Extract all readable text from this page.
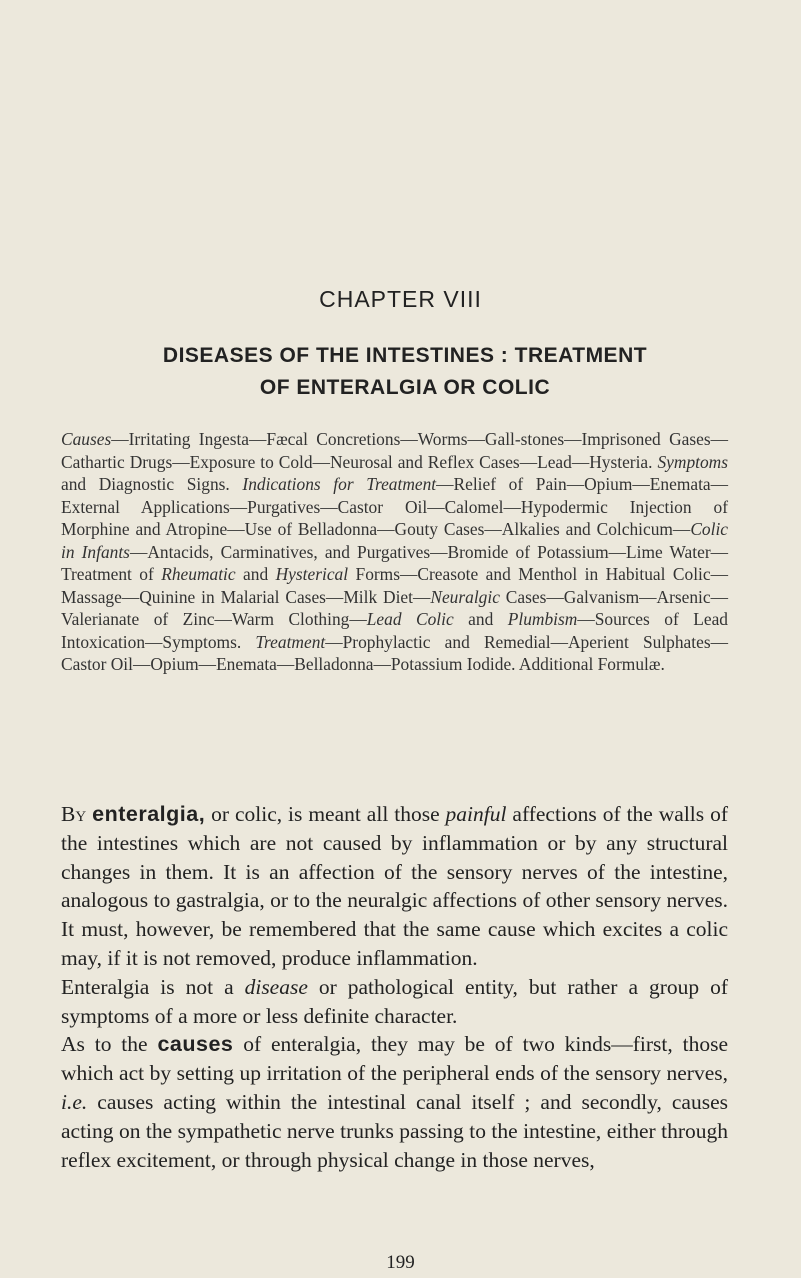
CHAPTER VIII
DISEASES OF THE INTESTINES : TREATMENT
OF ENTERALGIA OR COLIC
Causes—Irritating Ingesta—Fæcal Concretions—Worms—Gall-stones—Imprisoned Gases—Cathartic Drugs—Exposure to Cold—Neurosal and Reflex Cases—Lead—Hysteria. Symptoms and Diagnostic Signs. Indications for Treatment—Relief of Pain—Opium—Enemata—External Applications—Purgatives—Castor Oil—Calomel—Hypodermic Injection of Morphine and Atropine—Use of Belladonna—Gouty Cases—Alkalies and Colchicum—Colic in Infants—Antacids, Carminatives, and Purgatives—Bromide of Potassium—Lime Water—Treatment of Rheumatic and Hysterical Forms—Creasote and Menthol in Habitual Colic—Massage—Quinine in Malarial Cases—Milk Diet—Neuralgic Cases—Galvanism—Arsenic—Valerianate of Zinc—Warm Clothing—Lead Colic and Plumbism—Sources of Lead Intoxication—Symptoms. Treatment—Prophylactic and Remedial—Aperient Sulphates—Castor Oil—Opium—Enemata—Belladonna—Potassium Iodide. Additional Formulæ.

By enteralgia, or colic, is meant all those painful affections of the walls of the intestines which are not caused by inflammation or by any structural changes in them. It is an affection of the sensory nerves of the intestine, analogous to gastralgia, or to the neuralgic affections of other sensory nerves. It must, however, be remembered that the same cause which excites a colic may, if it is not removed, produce inflammation.

Enteralgia is not a disease or pathological entity, but rather a group of symptoms of a more or less definite character.

As to the causes of enteralgia, they may be of two kinds—first, those which act by setting up irritation of the peripheral ends of the sensory nerves, i.e. causes acting within the intestinal canal itself ; and secondly, causes acting on the sympathetic nerve trunks passing to the intestine, either through reflex excitement, or through physical change in those nerves,

199
